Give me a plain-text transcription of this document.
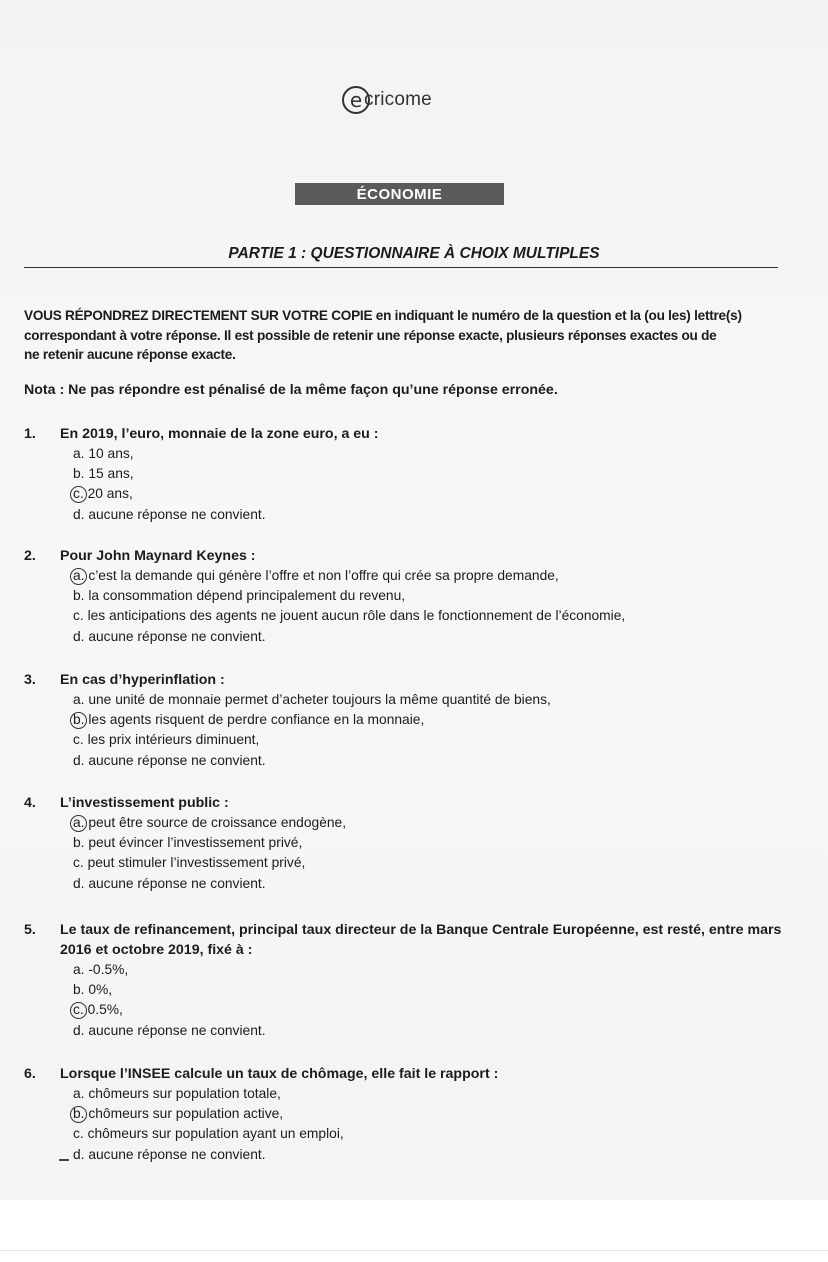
e cricome
ÉCONOMIE
PARTIE 1 : QUESTIONNAIRE À CHOIX MULTIPLES
VOUS RÉPONDREZ DIRECTEMENT SUR VOTRE COPIE en indiquant le numéro de la question et la (ou les) lettre(s)
correspondant à votre réponse. Il est possible de retenir une réponse exacte, plusieurs réponses exactes ou de
ne retenir aucune réponse exacte.
Nota : Ne pas répondre est pénalisé de la même façon qu’une réponse erronée.
1.	En 2019, l’euro, monnaie de la zone euro, a eu :
a. 10 ans,
b. 15 ans,
c. 20 ans,
d. aucune réponse ne convient.
2.	Pour John Maynard Keynes :
a. c’est la demande qui génère l’offre et non l’offre qui crée sa propre demande,
b. la consommation dépend principalement du revenu,
c. les anticipations des agents ne jouent aucun rôle dans le fonctionnement de l’économie,
d. aucune réponse ne convient.
3.	En cas d’hyperinflation :
a. une unité de monnaie permet d’acheter toujours la même quantité de biens,
b. les agents risquent de perdre confiance en la monnaie,
c. les prix intérieurs diminuent,
d. aucune réponse ne convient.
4.	L’investissement public :
a. peut être source de croissance endogène,
b. peut évincer l’investissement privé,
c. peut stimuler l’investissement privé,
d. aucune réponse ne convient.
5.	Le taux de refinancement, principal taux directeur de la Banque Centrale Européenne, est resté, entre mars 2016 et octobre 2019, fixé à :
a. -0.5%,
b. 0%,
c. 0.5%,
d. aucune réponse ne convient.
6.	Lorsque l’INSEE calcule un taux de chômage, elle fait le rapport :
a. chômeurs sur population totale,
b. chômeurs sur population active,
c. chômeurs sur population ayant un emploi,
d. aucune réponse ne convient.
